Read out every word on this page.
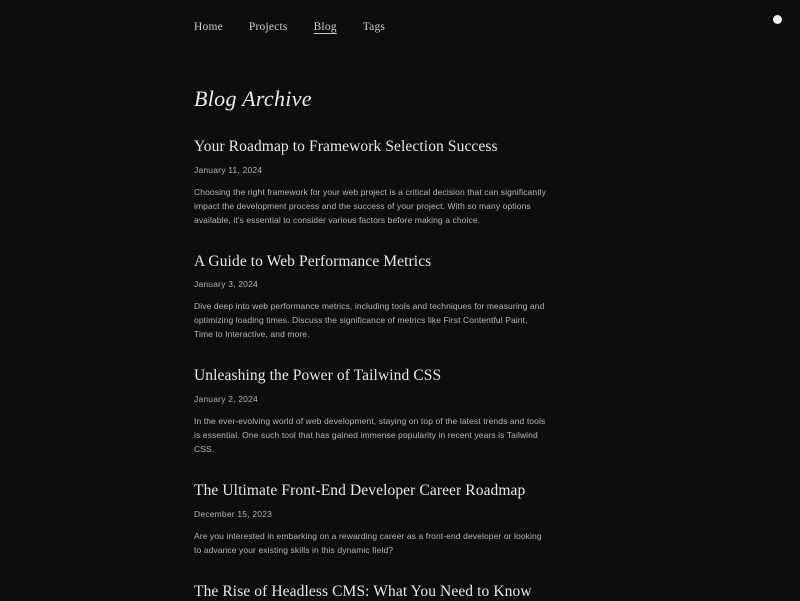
Home Projects Blog Tags
Blog Archive
Your Roadmap to Framework Selection Success
January 11, 2024

Choosing the right framework for your web project is a critical decision that can significantly impact the development process and the success of your project. With so many options available, it's essential to consider various factors before making a choice.

A Guide to Web Performance Metrics
January 3, 2024

Dive deep into web performance metrics, including tools and techniques for measuring and optimizing loading times. Discuss the significance of metrics like First Contentful Paint, Time to Interactive, and more.

Unleashing the Power of Tailwind CSS
January 2, 2024

In the ever-evolving world of web development, staying on top of the latest trends and tools is essential. One such tool that has gained immense popularity in recent years is Tailwind CSS.

The Ultimate Front-End Developer Career Roadmap
December 15, 2023

Are you interested in embarking on a rewarding career as a front-end developer or looking to advance your existing skills in this dynamic field?

The Rise of Headless CMS: What You Need to Know
